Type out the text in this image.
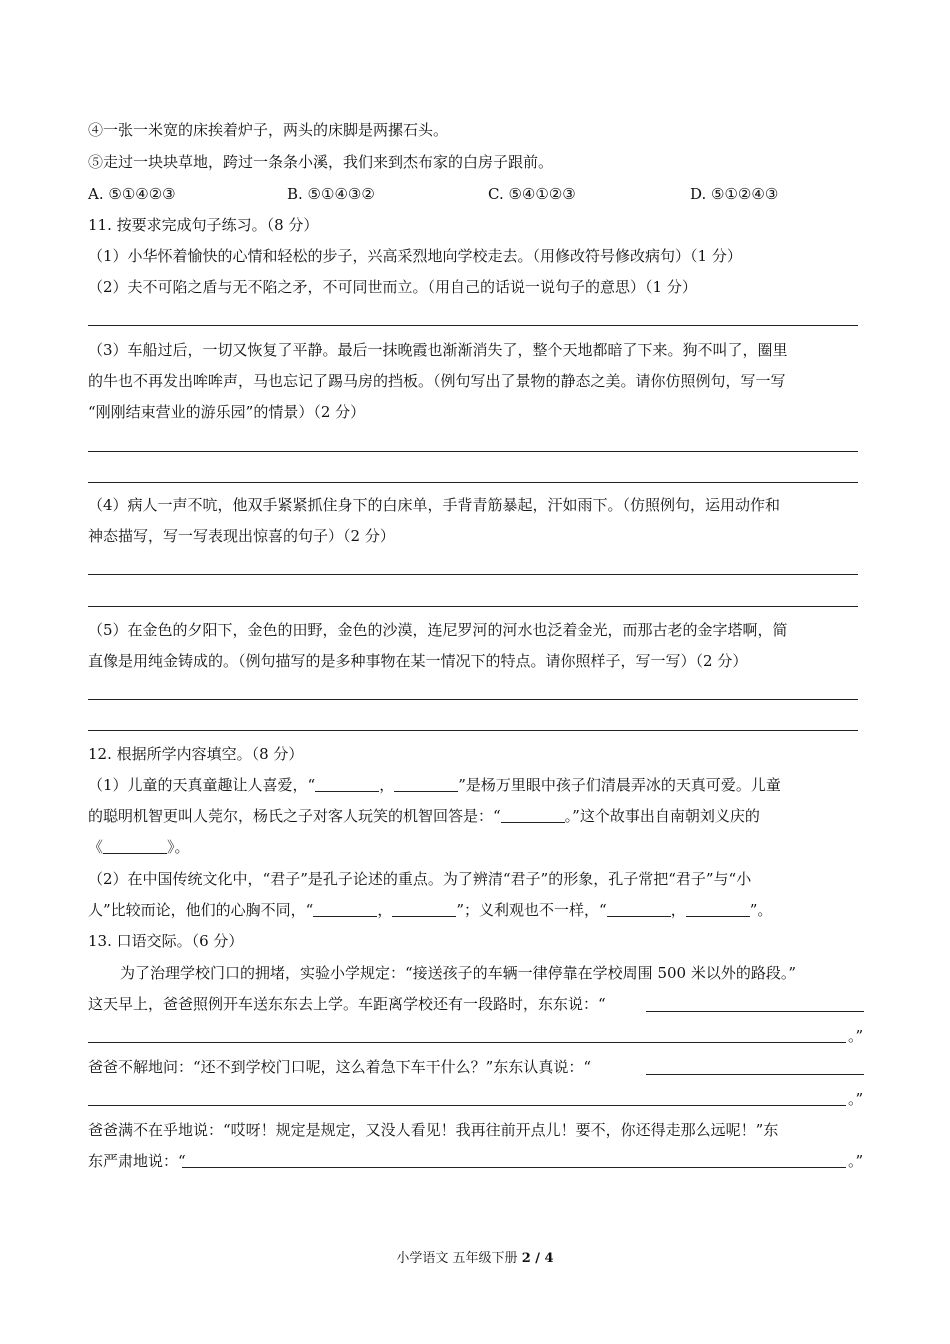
④一张一米宽的床挨着炉子，两头的床脚是两摞石头。
⑤走过一块块草地，跨过一条条小溪，我们来到杰布家的白房子跟前。
A. ⑤①④②③	B. ⑤①④③②	C. ⑤④①②③	D. ⑤①②④③
11. 按要求完成句子练习。（8 分）
（1）小华怀着愉快的心情和轻松的步子，兴高采烈地向学校走去。（用修改符号修改病句）（1 分）
（2）夫不可陷之盾与无不陷之矛，不可同世而立。（用自己的话说一说句子的意思）（1 分）
（3）车船过后，一切又恢复了平静。最后一抹晚霞也渐渐消失了，整个天地都暗了下来。狗不叫了，圈里
的牛也不再发出哞哞声，马也忘记了踢马房的挡板。（例句写出了景物的静态之美。请你仿照例句，写一写
“刚刚结束营业的游乐园”的情景）（2 分）
（4）病人一声不吭，他双手紧紧抓住身下的白床单，手背青筋暴起，汗如雨下。（仿照例句，运用动作和
神态描写，写一写表现出惊喜的句子）（2 分）
（5）在金色的夕阳下，金色的田野，金色的沙漠，连尼罗河的河水也泛着金光，而那古老的金字塔啊，简
直像是用纯金铸成的。（例句描写的是多种事物在某一情况下的特点。请你照样子，写一写）（2 分）
12. 根据所学内容填空。（8 分）
（1）儿童的天真童趣让人喜爱，“	，	”是杨万里眼中孩子们清晨弄冰的天真可爱。儿童
的聪明机智更叫人莞尔，杨氏之子对客人玩笑的机智回答是：“	。”这个故事出自南朝刘义庆的
《	》。
（2）在中国传统文化中，“君子”是孔子论述的重点。为了辨清“君子”的形象，孔子常把“君子”与“小
人”比较而论，他们的心胸不同，“	，	”；义利观也不一样，“	，	”。
13. 口语交际。（6 分）
为了治理学校门口的拥堵，实验小学规定：“接送孩子的车辆一律停靠在学校周围 500 米以外的路段。”
这天早上，爸爸照例开车送东东去上学。车距离学校还有一段路时，东东说：“
。”
爸爸不解地问：“还不到学校门口呢，这么着急下车干什么？”东东认真说：“
。”
爸爸满不在乎地说：“哎呀！规定是规定，又没人看见！我再往前开点儿！要不，你还得走那么远呢！”东
东严肃地说：“	。”
小学语文 五年级下册 2 / 4
